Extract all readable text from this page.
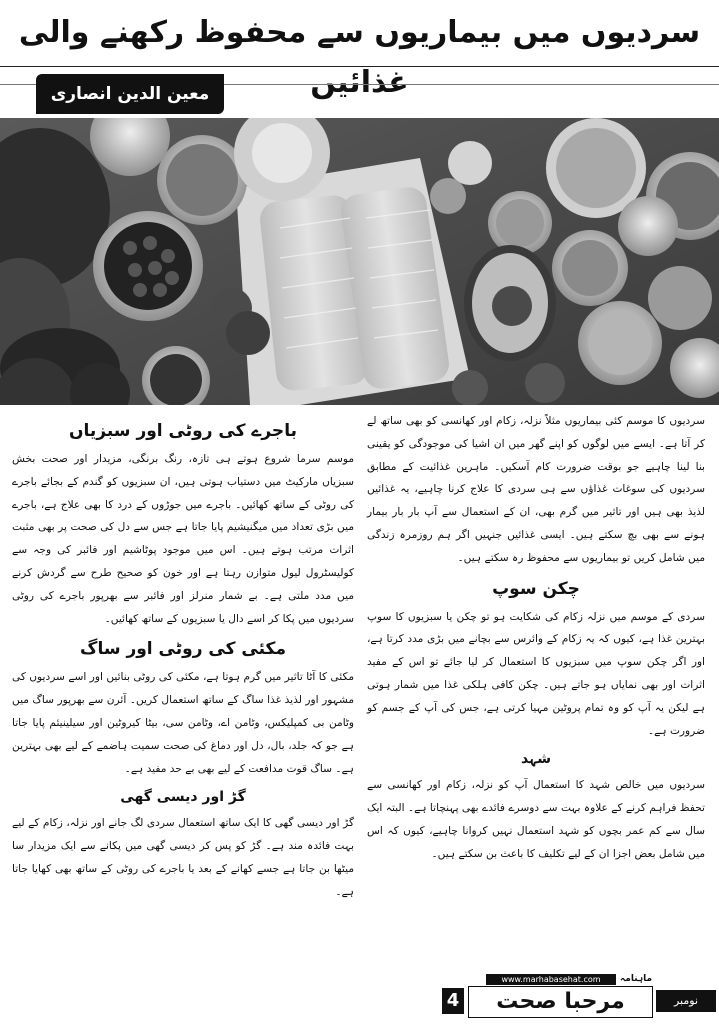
سردیوں میں بیماریوں سے محفوظ رکھنے والی غذائیں
معین الدین انصاری

سردیوں کا موسم کئی بیماریوں مثلاً نزلہ، زکام اور کھانسی کو بھی ساتھ لے کر آتا ہے۔ ایسے میں لوگوں کو اپنے گھر میں ان اشیا کی موجودگی کو یقینی بنا لینا چاہیے جو بوقت ضرورت کام آسکیں۔ ماہرین غذائیت کے مطابق سردیوں کی سوغات غذاؤں سے ہی سردی کا علاج کرنا چاہیے، یہ غذائیں لذیذ بھی ہیں اور تاثیر میں گرم بھی، ان کے استعمال سے آپ بار بار بیمار ہونے سے بھی بچ سکتے ہیں۔ ایسی غذائیں جنہیں اگر ہم روزمرہ زندگی میں شامل کریں تو بیماریوں سے محفوظ رہ سکتے ہیں۔

چکن سوپ

سردی کے موسم میں نزلہ زکام کی شکایت ہو تو چکن یا سبزیوں کا سوپ بہترین غذا ہے، کیوں کہ یہ زکام کے وائرس سے بچانے میں بڑی مدد کرتا ہے، اور اگر چکن سوپ میں سبزیوں کا استعمال کر لیا جائے تو اس کے مفید اثرات اور بھی نمایاں ہو جاتے ہیں۔ چکن کافی ہلکی غذا میں شمار ہوتی ہے لیکن یہ آپ کو وہ تمام پروٹین مہیا کرتی ہے، جس کی آپ کے جسم کو ضرورت ہے۔

شہد

سردیوں میں خالص شہد کا استعمال آپ کو نزلہ، زکام اور کھانسی سے تحفظ فراہم کرنے کے علاوہ بہت سے دوسرے فائدے بھی پہنچاتا ہے۔ البتہ ایک سال سے کم عمر بچوں کو شہد استعمال نہیں کروانا چاہیے، کیوں کہ اس میں شامل بعض اجزا ان کے لیے تکلیف کا باعث بن سکتے ہیں۔

باجرے کی روٹی اور سبزیاں

موسم سرما شروع ہوتے ہی تازہ، رنگ برنگی، مزیدار اور صحت بخش سبزیاں مارکیٹ میں دستیاب ہوتی ہیں، ان سبزیوں کو گندم کے بجائے باجرے کی روٹی کے ساتھ کھائیں۔ باجرے میں جوڑوں کے درد کا بھی علاج ہے، باجرے میں بڑی تعداد میں میگنیشیم پایا جاتا ہے جس سے دل کی صحت پر بھی مثبت اثرات مرتب ہوتے ہیں۔ اس میں موجود پوٹاشیم اور فائبر کی وجہ سے کولیسٹرول لیول متوازن رہتا ہے اور خون کو صحیح طرح سے گردش کرنے میں مدد ملتی ہے۔ بے شمار منرلز اور فائبر سے بھرپور باجرے کی روٹی سردیوں میں پکا کر اسے دال یا سبزیوں کے ساتھ کھائیں۔

مکئی کی روٹی اور ساگ

مکئی کا آٹا تاثیر میں گرم ہوتا ہے، مکئی کی روٹی بنائیں اور اسے سردیوں کی مشہور اور لذیذ غذا ساگ کے ساتھ استعمال کریں۔ آئرن سے بھرپور ساگ میں وٹامن بی کمپلیکس، وٹامن اے، وٹامن سی، بیٹا کیروٹین اور سیلینیئم پایا جاتا ہے جو کہ جلد، بال، دل اور دماغ کی صحت سمیت ہاضمے کے لیے بھی بہترین ہے۔ ساگ قوت مدافعت کے لیے بھی بے حد مفید ہے۔

گڑ اور دیسی گھی

گڑ اور دیسی گھی کا ایک ساتھ استعمال سردی لگ جانے اور نزلہ، زکام کے لیے بہت فائدہ مند ہے۔ گڑ کو پس کر دیسی گھی میں پکانے سے ایک مزیدار سا میٹھا بن جاتا ہے جسے کھانے کے بعد یا باجرے کی روٹی کے ساتھ بھی کھایا جاتا ہے۔

4	مرحبا صحت
www.marhabasehat.com	ماہنامہ
نومبر 2020ء
